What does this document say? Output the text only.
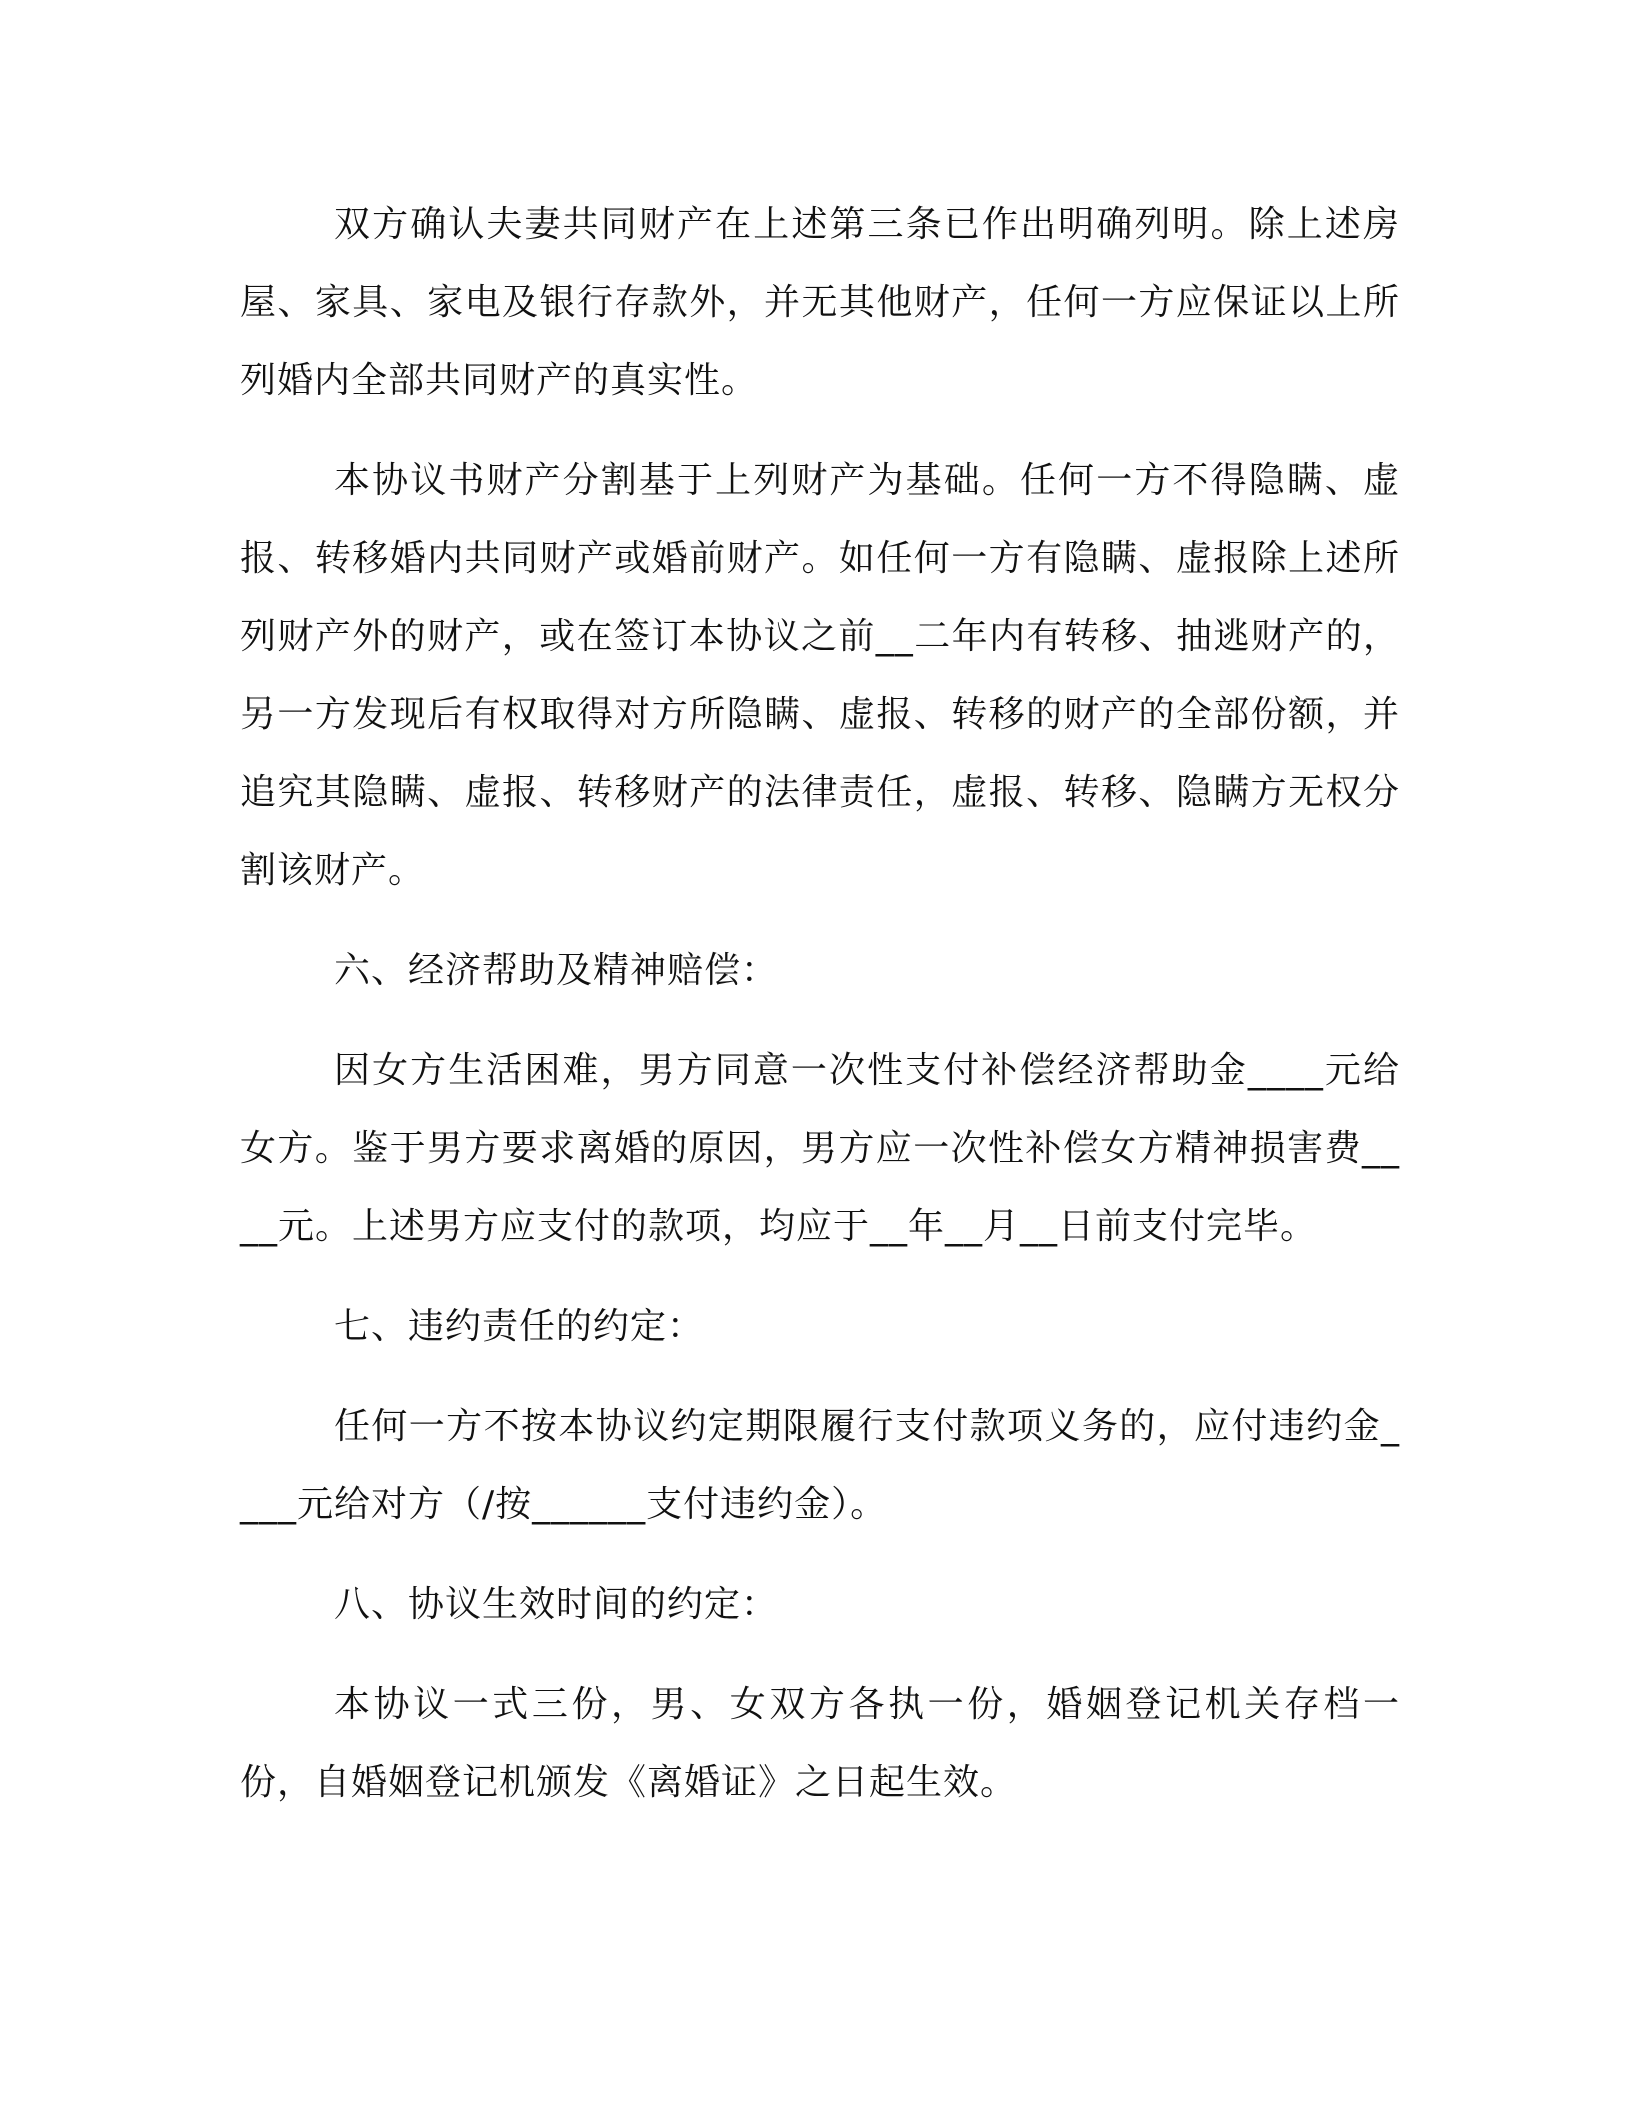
双方确认夫妻共同财产在上述第三条已作出明确列明。除上述房屋、家具、家电及银行存款外，并无其他财产，任何一方应保证以上所列婚内全部共同财产的真实性。

本协议书财产分割基于上列财产为基础。任何一方不得隐瞒、虚报、转移婚内共同财产或婚前财产。如任何一方有隐瞒、虚报除上述所列财产外的财产，或在签订本协议之前__二年内有转移、抽逃财产的，另一方发现后有权取得对方所隐瞒、虚报、转移的财产的全部份额，并追究其隐瞒、虚报、转移财产的法律责任，虚报、转移、隐瞒方无权分割该财产。

六、经济帮助及精神赔偿：

因女方生活困难，男方同意一次性支付补偿经济帮助金____元给女方。鉴于男方要求离婚的原因，男方应一次性补偿女方精神损害费____元。上述男方应支付的款项，均应于__年__月__日前支付完毕。

七、违约责任的约定：

任何一方不按本协议约定期限履行支付款项义务的，应付违约金____元给对方（/按______支付违约金）。

八、协议生效时间的约定：

本协议一式三份，男、女双方各执一份，婚姻登记机关存档一份，自婚姻登记机颁发《离婚证》之日起生效。
